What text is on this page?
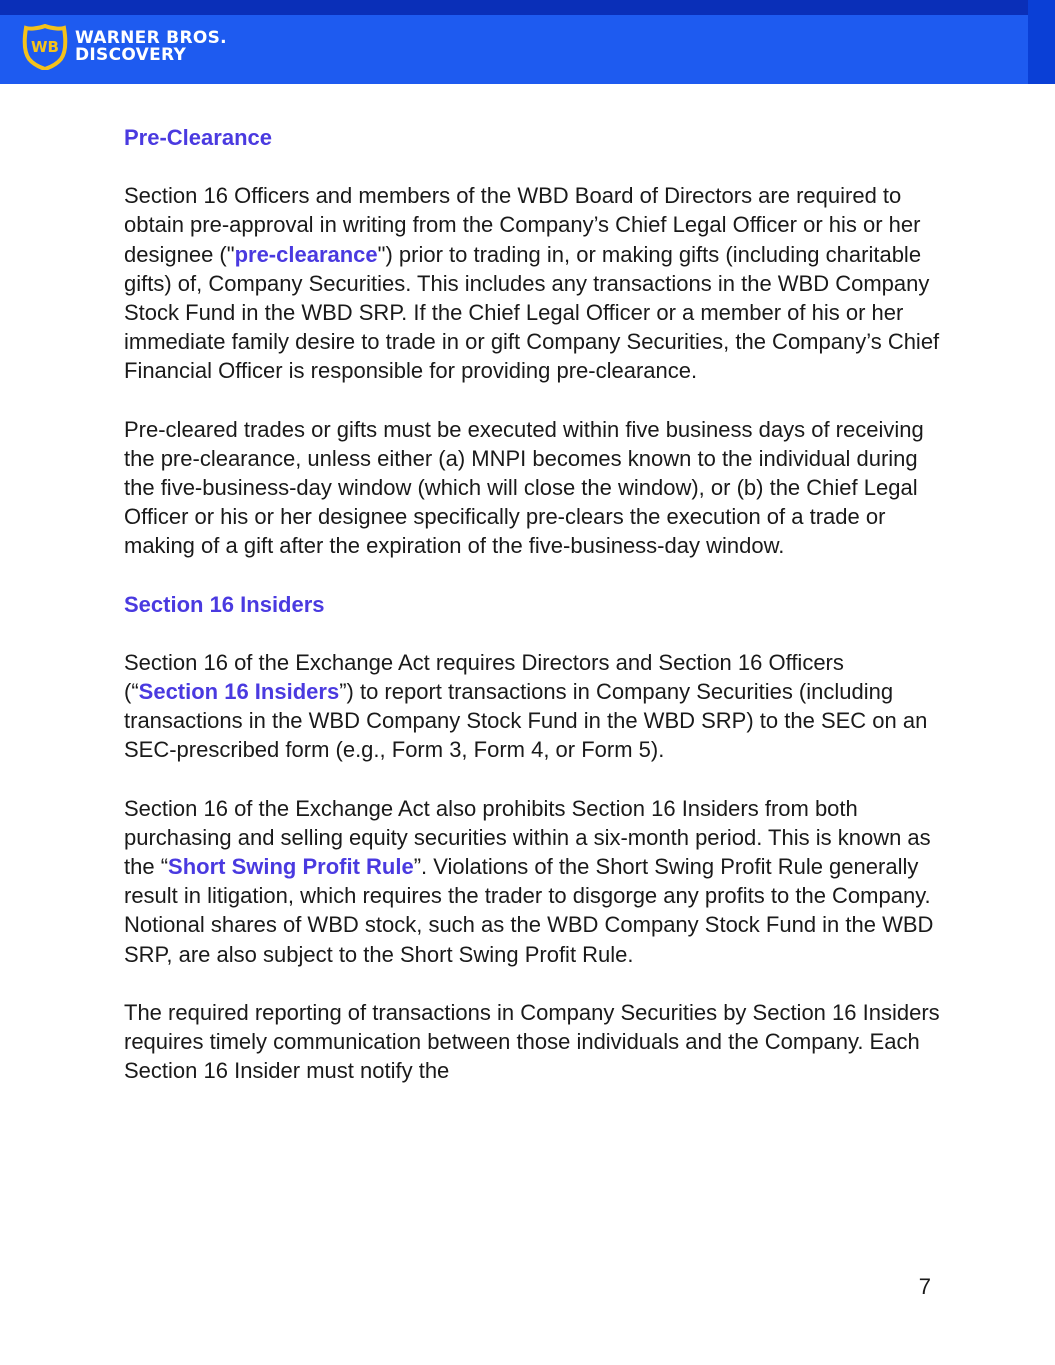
WB WARNER BROS.
DISCOVERY
Pre-Clearance

Section 16 Officers and members of the WBD Board of Directors are required to obtain pre-approval in writing from the Company’s Chief Legal Officer or his or her designee ("pre-clearance") prior to trading in, or making gifts (including charitable gifts) of, Company Securities. This includes any transactions in the WBD Company Stock Fund in the WBD SRP. If the Chief Legal Officer or a member of his or her immediate family desire to trade in or gift Company Securities, the Company’s Chief Financial Officer is responsible for providing pre-clearance.

Pre-cleared trades or gifts must be executed within five business days of receiving the pre-clearance, unless either (a) MNPI becomes known to the individual during the five-business-day window (which will close the window), or (b) the Chief Legal Officer or his or her designee specifically pre-clears the execution of a trade or making of a gift after the expiration of the five-business-day window.

Section 16 Insiders

Section 16 of the Exchange Act requires Directors and Section 16 Officers (“Section 16 Insiders”) to report transactions in Company Securities (including transactions in the WBD Company Stock Fund in the WBD SRP) to the SEC on an SEC-prescribed form (e.g., Form 3, Form 4, or Form 5).

Section 16 of the Exchange Act also prohibits Section 16 Insiders from both purchasing and selling equity securities within a six-month period. This is known as the “Short Swing Profit Rule”. Violations of the Short Swing Profit Rule generally result in litigation, which requires the trader to disgorge any profits to the Company. Notional shares of WBD stock, such as the WBD Company Stock Fund in the WBD SRP, are also subject to the Short Swing Profit Rule.

The required reporting of transactions in Company Securities by Section 16 Insiders requires timely communication between those individuals and the Company. Each Section 16 Insider must notify the

7
